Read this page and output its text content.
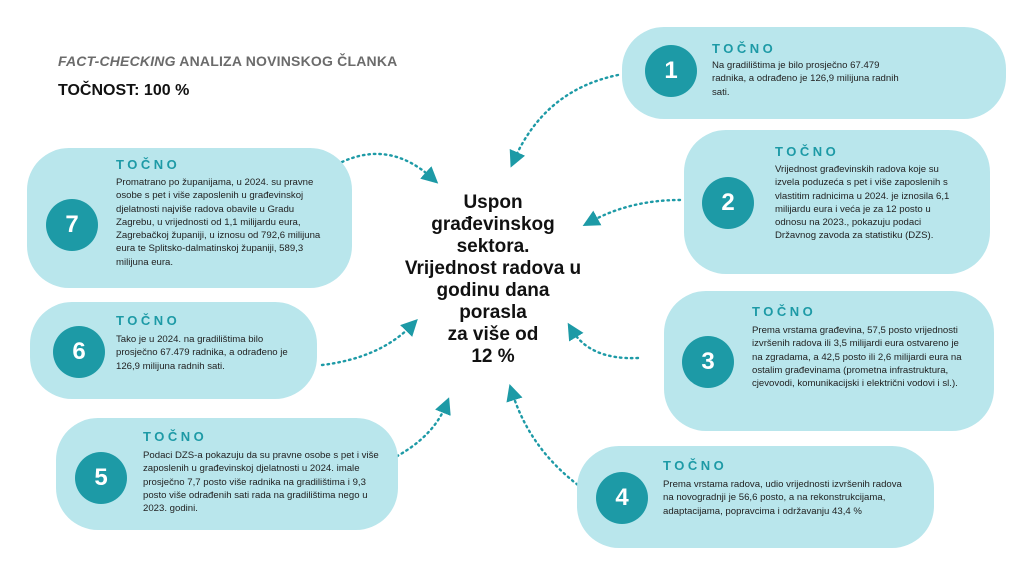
FACT-CHECKING ANALIZA NOVINSKOG ČLANKA
TOČNOST: 100 %
Uspon
građevinskog
sektora.
Vrijednost radova u
godinu dana
porasla
za više od
12 %
1
TOČNO
Na gradilištima je bilo prosječno 67.479 radnika, a odrađeno je 126,9 milijuna radnih sati.
2
TOČNO
Vrijednost građevinskih radova koje su izvela poduzeća s pet i više zaposlenih s vlastitim radnicima u 2024. je iznosila 6,1 milijardu eura i veća je za 12 posto u odnosu na 2023., pokazuju podaci Državnog zavoda za statistiku (DZS).
3
TOČNO
Prema vrstama građevina, 57,5 posto vrijednosti izvršenih radova ili 3,5 milijardi eura ostvareno je na zgradama, a 42,5 posto ili 2,6 milijardi eura na ostalim građevinama (prometna infrastruktura, cjevovodi, komunikacijski i električni vodovi i sl.).
4
TOČNO
Prema vrstama radova, udio vrijednosti izvršenih radova na novogradnji je 56,6 posto, a na rekonstrukcijama, adaptacijama, popravcima i održavanju 43,4 %
5
TOČNO
Podaci DZS-a pokazuju da su pravne osobe s pet i više zaposlenih u građevinskoj djelatnosti u 2024. imale prosječno 7,7 posto više radnika na gradilištima i 9,3 posto više odrađenih sati rada na gradilištima nego u 2023. godini.
6
TOČNO
Tako je u 2024. na gradilištima bilo prosječno 67.479 radnika, a odrađeno je 126,9 milijuna radnih sati.
7
TOČNO
Promatrano po županijama, u 2024. su pravne osobe s pet i više zaposlenih u građevinskoj djelatnosti najviše radova obavile u Gradu Zagrebu, u vrijednosti od 1,1 milijardu eura, Zagrebačkoj županiji, u iznosu od 792,6 milijuna eura te Splitsko-dalmatinskoj županiji, 589,3 milijuna eura.
